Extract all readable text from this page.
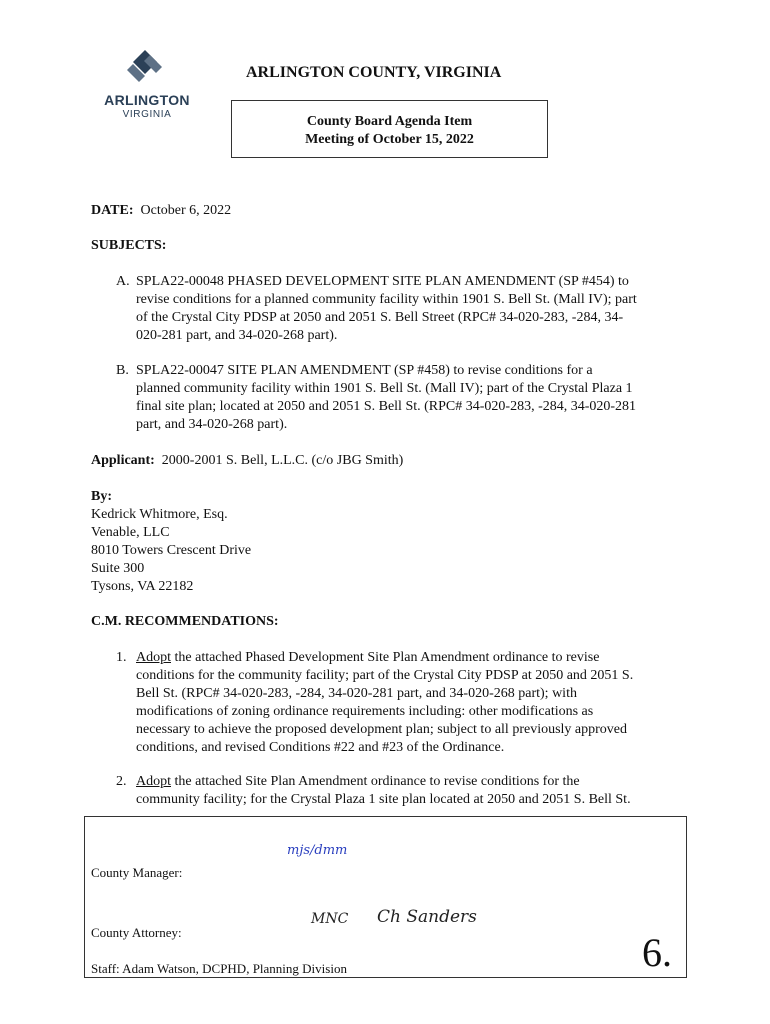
ARLINGTON
VIRGINIA
ARLINGTON COUNTY, VIRGINIA
County Board Agenda Item
Meeting of October 15, 2022
DATE: October 6, 2022
SUBJECTS:
A. SPLA22-00048 PHASED DEVELOPMENT SITE PLAN AMENDMENT (SP #454) to
revise conditions for a planned community facility within 1901 S. Bell St. (Mall IV); part
of the Crystal City PDSP at 2050 and 2051 S. Bell Street (RPC# 34-020-283, -284, 34-
020-281 part, and 34-020-268 part).
B. SPLA22-00047 SITE PLAN AMENDMENT (SP #458) to revise conditions for a
planned community facility within 1901 S. Bell St. (Mall IV); part of the Crystal Plaza 1
final site plan; located at 2050 and 2051 S. Bell St. (RPC# 34-020-283, -284, 34-020-281
part, and 34-020-268 part).
Applicant: 2000-2001 S. Bell, L.L.C. (c/o JBG Smith)
By:
Kedrick Whitmore, Esq.
Venable, LLC
8010 Towers Crescent Drive
Suite 300
Tysons, VA 22182
C.M. RECOMMENDATIONS:
1. Adopt the attached Phased Development Site Plan Amendment ordinance to revise
conditions for the community facility; part of the Crystal City PDSP at 2050 and 2051 S.
Bell St. (RPC# 34-020-283, -284, 34-020-281 part, and 34-020-268 part); with
modifications of zoning ordinance requirements including: other modifications as
necessary to achieve the proposed development plan; subject to all previously approved
conditions, and revised Conditions #22 and #23 of the Ordinance.
2. Adopt the attached Site Plan Amendment ordinance to revise conditions for the
community facility; for the Crystal Plaza 1 site plan located at 2050 and 2051 S. Bell St.
County Manager:
mjs/dmm
County Attorney:
MNC Ch Sanders
Staff: Adam Watson, DCPHD, Planning Division	6.
